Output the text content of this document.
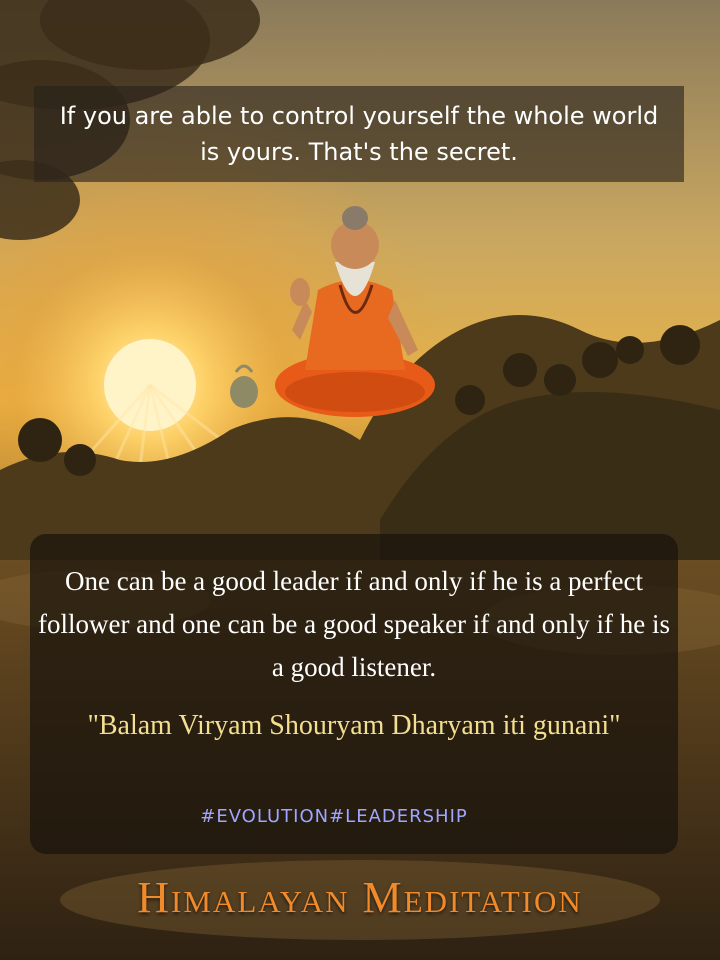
If you are able to control yourself the whole world is yours. That's the secret.
One can be a good leader if and only if he is a perfect follower and one can be a good speaker if and only if he is a good listener.
"Balam Viryam Shouryam Dharyam iti gunani"
#EVOLUTION#LEADERSHIP
Himalayan Meditation
